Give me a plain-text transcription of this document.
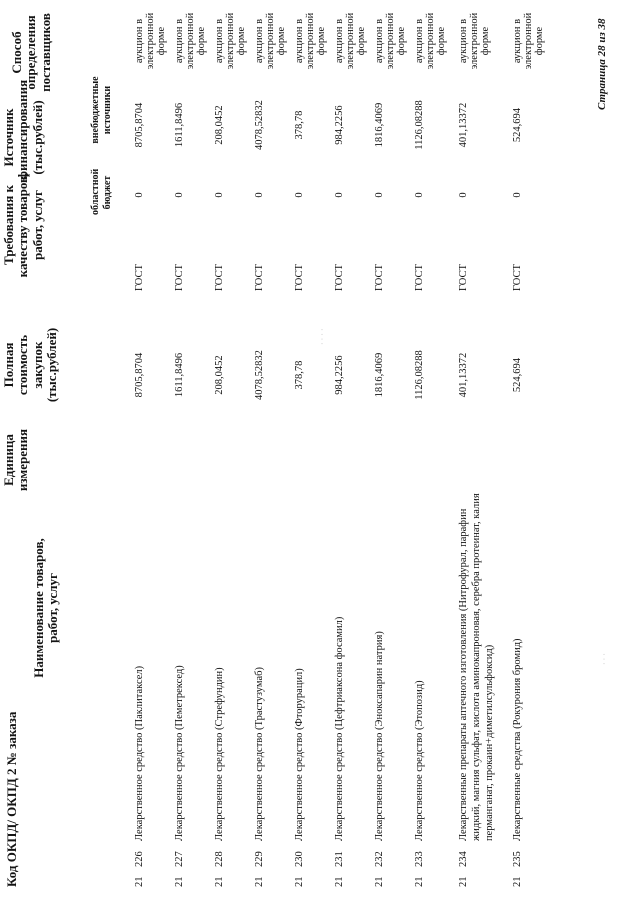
Код ОКПД/ ОКПД 2 № заказа
Наименование товаров, работ, услуг
Единица измерения
Полная стоимость закупок (тыс.рублей)
Требования к качеству товаров, работ, услуг
Источник финансирования (тыс.рублей)
областной бюджет
внебюджетные источники
Способ определения поставщиков
21
226
Лекарственное средство (Паклитаксел)
8705,8704
ГОСТ
0
8705,8704
аукцион в электронной форме
21
227
Лекарственное средство (Пеметрексед)
1611,8496
ГОСТ
0
1611,8496
аукцион в электронной форме
21
228
Лекарственное средство (Стрефундин)
208,0452
ГОСТ
0
208,0452
аукцион в электронной форме
21
229
Лекарственное средство (Трастузумаб)
4078,52832
ГОСТ
0
4078,52832
аукцион в электронной форме
21
230
Лекарственное средство (Фторурацил)
378,78
ГОСТ
0
378,78
аукцион в электронной форме
21
231
Лекарственное средство (Цефтриаксона фосамил)
984,2256
ГОСТ
0
984,2256
аукцион в электронной форме
21
232
Лекарственное средство (Эноксапарин натрия)
1816,4069
ГОСТ
0
1816,4069
аукцион в электронной форме
21
233
Лекарственное средство (Этопозид)
1126,08288
ГОСТ
0
1126,08288
аукцион в электронной форме
21
234
Лекарственные препараты аптечного изготовления (Нитрофурал, парафин жидкий, магния сульфат, кислота аминокапроновая, серебра протеинат, калия перманганат, прокаин+диметилсульфоксид)
401,13372
ГОСТ
0
401,13372
аукцион в электронной форме
21
235
Лекарственные средства (Рокурония бромид)
524,694
ГОСТ
0
524,694
аукцион в электронной форме	Страница 28 из 38
· · · ·
· · ·
